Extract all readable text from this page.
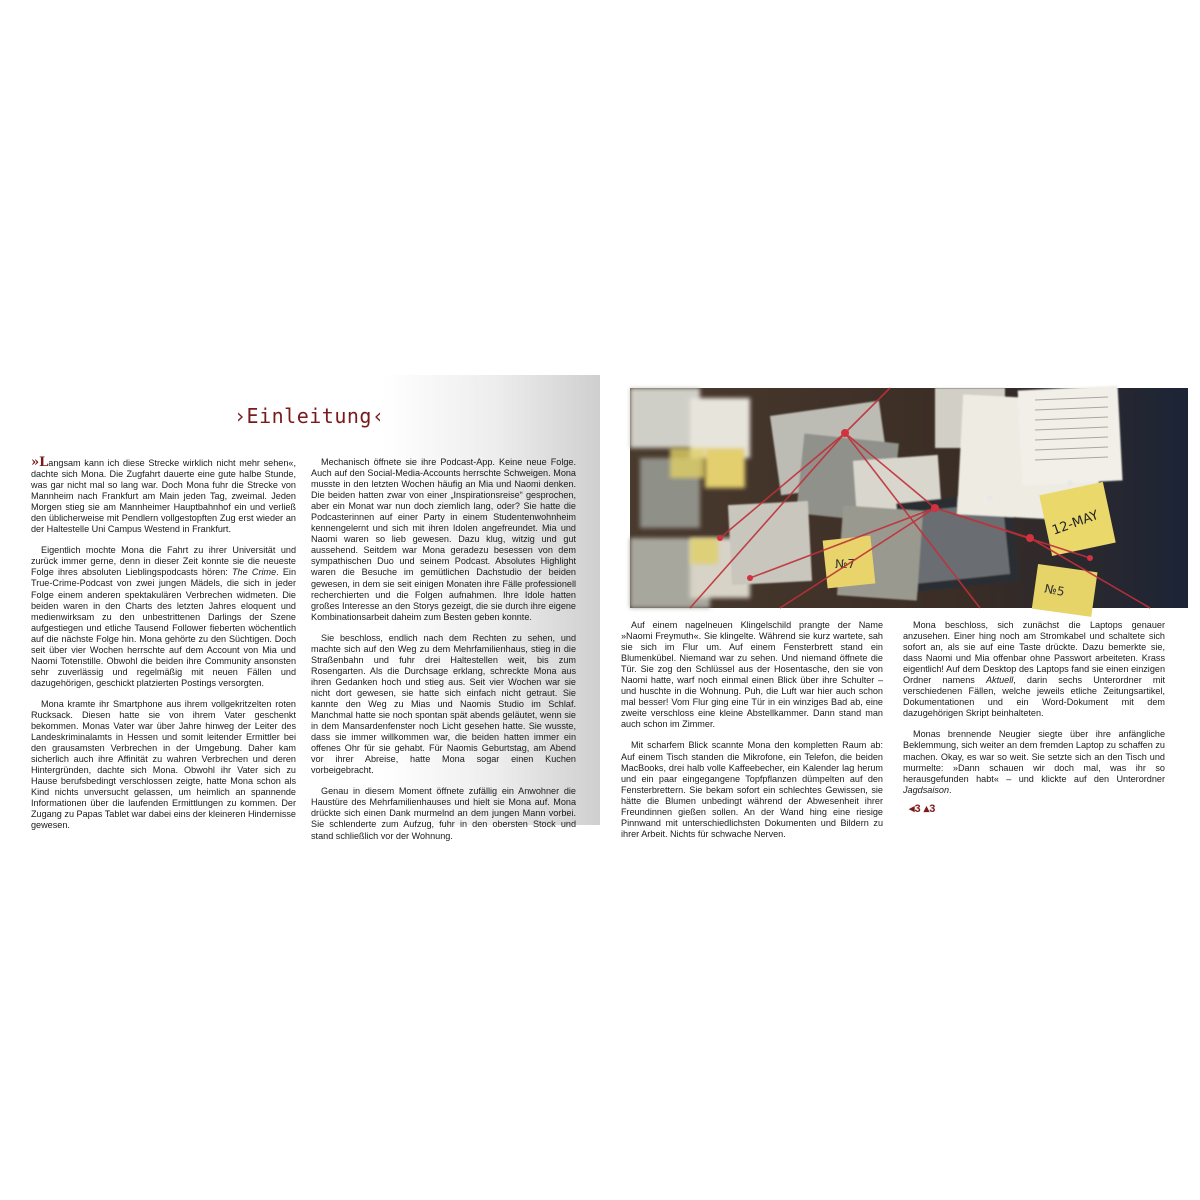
›Einleitung‹

»Langsam kann ich diese Strecke wirklich nicht mehr sehen«, dachte sich Mona. Die Zugfahrt dauerte eine gute halbe Stunde, was gar nicht mal so lang war. Doch Mona fuhr die Strecke von Mannheim nach Frankfurt am Main jeden Tag, zweimal. Jeden Morgen stieg sie am Mannheimer Hauptbahnhof ein und verließ den üblicherweise mit Pendlern vollgestopften Zug erst wieder an der Haltestelle Uni Campus Westend in Frankfurt.

Eigentlich mochte Mona die Fahrt zu ihrer Universität und zurück immer gerne, denn in dieser Zeit konnte sie die neueste Folge ihres absoluten Lieblingspodcasts hören: The Crime. Ein True-Crime-Podcast von zwei jungen Mädels, die sich in jeder Folge einem anderen spektakulären Verbrechen widmeten. Die beiden waren in den Charts des letzten Jahres eloquent und medienwirksam zu den unbestrittenen Darlings der Szene aufgestiegen und etliche Tausend Follower fieberten wöchentlich auf die nächste Folge hin. Mona gehörte zu den Süchtigen. Doch seit über vier Wochen herrschte auf dem Account von Mia und Naomi Totenstille. Obwohl die beiden ihre Community ansonsten sehr zuverlässig und regelmäßig mit neuen Fällen und dazugehörigen, geschickt platzierten Postings versorgten.

Mona kramte ihr Smartphone aus ihrem vollgekritzelten roten Rucksack. Diesen hatte sie von ihrem Vater geschenkt bekommen. Monas Vater war über Jahre hinweg der Leiter des Landeskriminalamts in Hessen und somit leitender Ermittler bei den grausamsten Verbrechen in der Umgebung. Daher kam sicherlich auch ihre Affinität zu wahren Verbrechen und deren Hintergründen, dachte sich Mona. Obwohl ihr Vater sich zu Hause berufsbedingt verschlossen zeigte, hatte Mona schon als Kind nichts unversucht gelassen, um heimlich an spannende Informationen über die laufenden Ermittlungen zu kommen. Der Zugang zu Papas Tablet war dabei eins der kleineren Hindernisse gewesen.

Mechanisch öffnete sie ihre Podcast-App. Keine neue Folge. Auch auf den Social-Media-Accounts herrschte Schweigen. Mona musste in den letzten Wochen häufig an Mia und Naomi denken. Die beiden hatten zwar von einer „Inspirationsreise“ gesprochen, aber ein Monat war nun doch ziemlich lang, oder? Sie hatte die Podcasterinnen auf einer Party in einem Studentenwohnheim kennengelernt und sich mit ihren Idolen angefreundet. Mia und Naomi waren so lieb gewesen. Dazu klug, witzig und gut aussehend. Seitdem war Mona geradezu besessen von dem sympathischen Duo und seinem Podcast. Absolutes Highlight waren die Besuche im gemütlichen Dachstudio der beiden gewesen, in dem sie seit einigen Monaten ihre Fälle professionell recherchierten und die Folgen aufnahmen. Ihre Idole hatten großes Interesse an den Storys gezeigt, die sie durch ihre eigene Kombinationsarbeit daheim zum Besten geben konnte.

Sie beschloss, endlich nach dem Rechten zu sehen, und machte sich auf den Weg zu dem Mehrfamilienhaus, stieg in die Straßenbahn und fuhr drei Haltestellen weit, bis zum Rosengarten. Als die Durchsage erklang, schreckte Mona aus ihren Gedanken hoch und stieg aus. Seit vier Wochen war sie nicht dort gewesen, sie hatte sich einfach nicht getraut. Sie kannte den Weg zu Mias und Naomis Studio im Schlaf. Manchmal hatte sie noch spontan spät abends geläutet, wenn sie in dem Mansardenfenster noch Licht gesehen hatte. Sie wusste, dass sie immer willkommen war, die beiden hatten immer ein offenes Ohr für sie gehabt. Für Naomis Geburtstag, am Abend vor ihrer Abreise, hatte Mona sogar einen Kuchen vorbeigebracht.

Genau in diesem Moment öffnete zufällig ein Anwohner die Haustüre des Mehrfamilienhauses und hielt sie Mona auf. Mona drückte sich einen Dank murmelnd an dem jungen Mann vorbei. Sie schlenderte zum Aufzug, fuhr in den obersten Stock und stand schließlich vor der Wohnung.

12-MAY
№7
№5

Auf einem nagelneuen Klingelschild prangte der Name »Naomi Freymuth«. Sie klingelte. Während sie kurz wartete, sah sie sich im Flur um. Auf einem Fensterbrett stand ein Blumenkübel. Niemand war zu sehen. Und niemand öffnete die Tür. Sie zog den Schlüssel aus der Hosentasche, den sie von Naomi hatte, warf noch einmal einen Blick über ihre Schulter – und huschte in die Wohnung. Puh, die Luft war hier auch schon mal besser! Vom Flur ging eine Tür in ein winziges Bad ab, eine zweite verschloss eine kleine Abstellkammer. Dann stand man auch schon im Zimmer.

Mit scharfem Blick scannte Mona den kompletten Raum ab: Auf einem Tisch standen die Mikrofone, ein Telefon, die beiden MacBooks, drei halb volle Kaffeebecher, ein Kalender lag herum und ein paar eingegangene Topfpflanzen dümpelten auf den Fensterbrettern. Sie bekam sofort ein schlechtes Gewissen, sie hätte die Blumen unbedingt während der Abwesenheit ihrer Freundinnen gießen sollen. An der Wand hing eine riesige Pinnwand mit unterschiedlichsten Dokumenten und Bildern zu ihrer Arbeit. Nichts für schwache Nerven.

Mona beschloss, sich zunächst die Laptops genauer anzusehen. Einer hing noch am Stromkabel und schaltete sich sofort an, als sie auf eine Taste drückte. Dazu bemerkte sie, dass Naomi und Mia offenbar ohne Passwort arbeiteten. Krass eigentlich! Auf dem Desktop des Laptops fand sie einen einzigen Ordner namens Aktuell, darin sechs Unterordner mit verschiedenen Fällen, welche jeweils etliche Zeitungsartikel, Dokumentationen und ein Word-Dokument mit dem dazugehörigen Skript beinhalteten.

Monas brennende Neugier siegte über ihre anfängliche Beklemmung, sich weiter an dem fremden Laptop zu schaffen zu machen. Okay, es war so weit. Sie setzte sich an den Tisch und murmelte: »Dann schauen wir doch mal, was ihr so herausgefunden habt« – und klickte auf den Unterordner Jagdsaison.

◂3 ▴3
